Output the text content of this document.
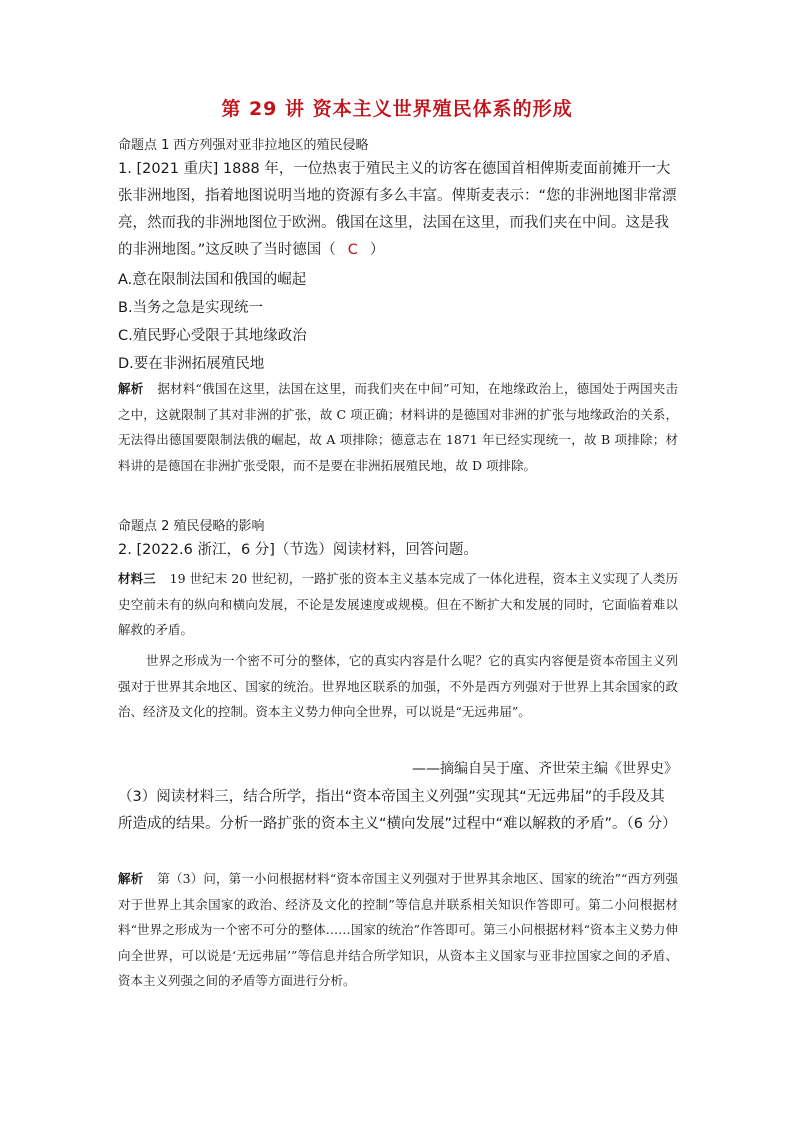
第 29 讲 资本主义世界殖民体系的形成
命题点 1 西方列强对亚非拉地区的殖民侵略
1. [2021 重庆] 1888 年，一位热衷于殖民主义的访客在德国首相俾斯麦面前摊开一大张非洲地图，指着地图说明当地的资源有多么丰富。俾斯麦表示：“您的非洲地图非常漂亮，然而我的非洲地图位于欧洲。俄国在这里，法国在这里，而我们夹在中间。这是我的非洲地图。”这反映了当时德国（ C ）
A.意在限制法国和俄国的崛起
B.当务之急是实现统一
C.殖民野心受限于其地缘政治
D.要在非洲拓展殖民地
解析 据材料“俄国在这里，法国在这里，而我们夹在中间”可知，在地缘政治上，德国处于两国夹击之中，这就限制了其对非洲的扩张，故 C 项正确；材料讲的是德国对非洲的扩张与地缘政治的关系，无法得出德国要限制法俄的崛起，故 A 项排除；德意志在 1871 年已经实现统一，故 B 项排除；材料讲的是德国在非洲扩张受限，而不是要在非洲拓展殖民地，故 D 项排除。
命题点 2 殖民侵略的影响
2. [2022.6 浙江，6 分]（节选）阅读材料，回答问题。
材料三 19 世纪末 20 世纪初，一路扩张的资本主义基本完成了一体化进程，资本主义实现了人类历史空前未有的纵向和横向发展，不论是发展速度或规模。但在不断扩大和发展的同时，它面临着难以解救的矛盾。
世界之形成为一个密不可分的整体，它的真实内容是什么呢？它的真实内容便是资本帝国主义列强对于世界其余地区、国家的统治。世界地区联系的加强，不外是西方列强对于世界上其余国家的政治、经济及文化的控制。资本主义势力伸向全世界，可以说是“无远弗届”。
——摘编自吴于廑、齐世荣主编《世界史》
（3）阅读材料三，结合所学，指出“资本帝国主义列强”实现其“无远弗届”的手段及其所造成的结果。分析一路扩张的资本主义“横向发展”过程中“难以解救的矛盾”。（6 分）
解析 第（3）问，第一小问根据材料“资本帝国主义列强对于世界其余地区、国家的统治”“西方列强对于世界上其余国家的政治、经济及文化的控制”等信息并联系相关知识作答即可。第二小问根据材料“世界之形成为一个密不可分的整体……国家的统治”作答即可。第三小问根据材料“资本主义势力伸向全世界，可以说是‘无远弗届’”等信息并结合所学知识，从资本主义国家与亚非拉国家之间的矛盾、资本主义列强之间的矛盾等方面进行分析。
